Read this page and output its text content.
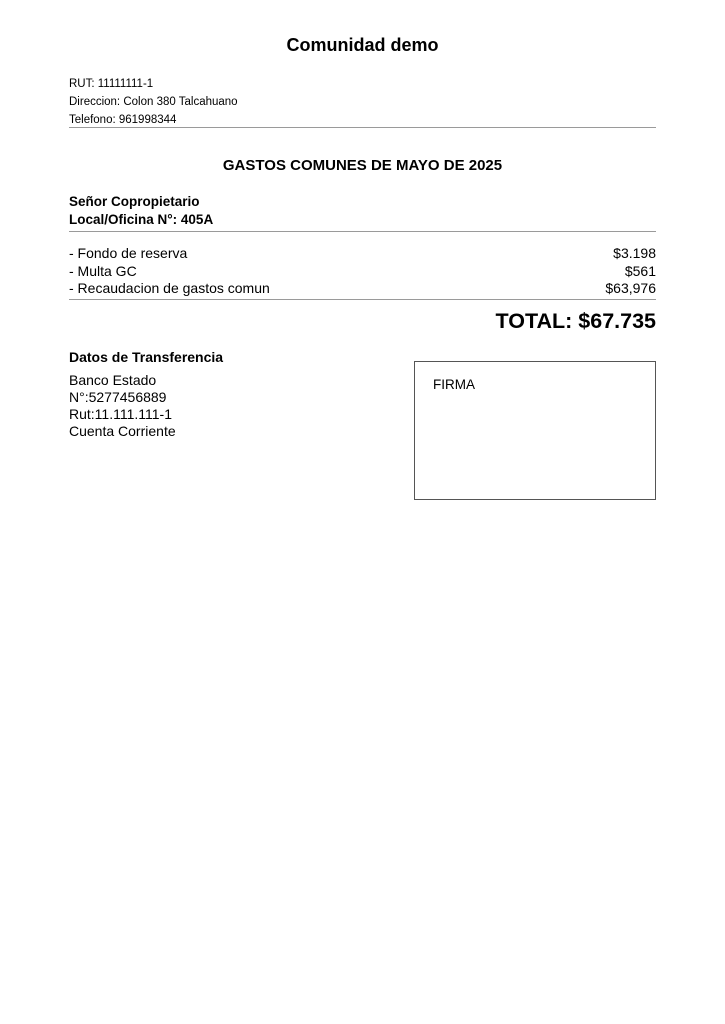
Comunidad demo
RUT: 11111111-1
Direccion: Colon 380 Talcahuano
Telefono: 961998344
GASTOS COMUNES DE MAYO DE 2025
Señor Copropietario
Local/Oficina N°: 405A
- Fondo de reserva	$3.198
- Multa GC	$561
- Recaudacion de gastos comun	$63,976
TOTAL: $67.735
Datos de Transferencia
Banco Estado
N°:5277456889
Rut:11.111.111-1
Cuenta Corriente
FIRMA
